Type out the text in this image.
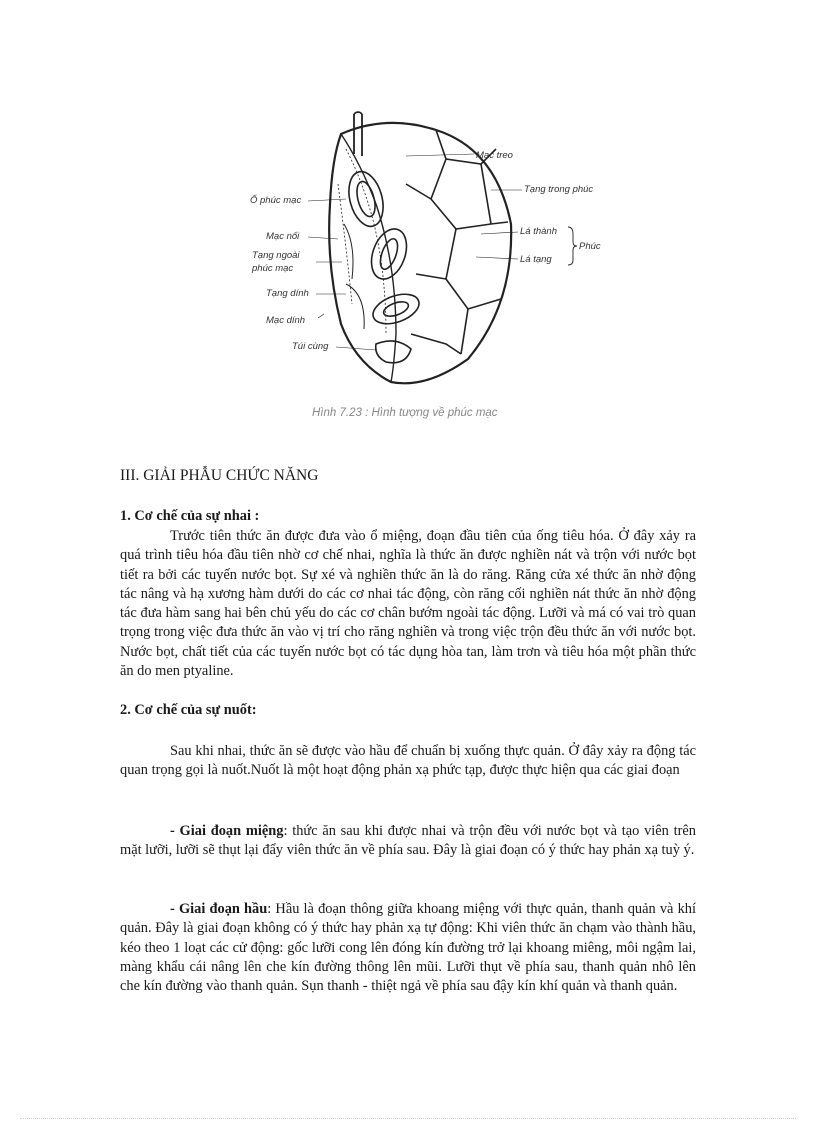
Mạc treo
Tạng trong phúc
Lá thành
Phúc
Lá tạng
Ổ phúc mạc
Mạc nối
Tạng ngoài
phúc mạc
Tạng dính
Mạc dính
Túi cùng
Hình 7.23 : Hình tượng về phúc mạc
III. GIẢI PHẪU CHỨC NĂNG
1. Cơ chế của sự nhai :

Trước tiên thức ăn được đưa vào ổ miệng, đoạn đầu tiên của ống tiêu hóa. Ở đây xảy ra quá trình tiêu hóa đầu tiên nhờ cơ chế nhai, nghĩa là thức ăn được nghiền nát và trộn với nước bọt tiết ra bởi các tuyến nước bọt. Sự xé và nghiền thức ăn là do răng. Răng cửa xé thức ăn nhờ động tác nâng và hạ xương hàm dưới do các cơ nhai tác động, còn răng cối nghiền nát thức ăn nhờ động tác đưa hàm sang hai bên chủ yếu do các cơ chân bướm ngoài tác động. Lưỡi và má có vai trò quan trọng trong việc đưa thức ăn vào vị trí cho răng nghiền và trong việc trộn đều thức ăn với nước bọt. Nước bọt, chất tiết của các tuyến nước bọt có tác dụng hòa tan, làm trơn và tiêu hóa một phần thức ăn do men ptyaline.

2. Cơ chế của sự nuốt:

Sau khi nhai, thức ăn sẽ được vào hầu để chuẩn bị xuống thực quản. Ở đây xảy ra động tác quan trọng gọi là nuốt.Nuốt là một hoạt động phản xạ phức tạp, được thực hiện qua các giai đoạn

- Giai đoạn miệng: thức ăn sau khi được nhai và trộn đều với nước bọt và tạo viên trên mặt lưỡi, lưỡi sẽ thụt lại đẩy viên thức ăn về phía sau. Đây là giai đoạn có ý thức hay phản xạ tuỳ ý.

- Giai đoạn hầu: Hầu là đoạn thông giữa khoang miệng với thực quản, thanh quản và khí quản. Đây là giai đoạn không có ý thức hay phản xạ tự động: Khi viên thức ăn chạm vào thành hầu, kéo theo 1 loạt các cử động: gốc lưỡi cong lên đóng kín đường trở lại khoang miêng, môi ngậm lai, màng khẩu cái nâng lên che kín đường thông lên mũi. Lưỡi thụt về phía sau, thanh quản nhô lên che kín đường vào thanh quản. Sụn thanh - thiệt ngả về phía sau đậy kín khí quản và thanh quản.
